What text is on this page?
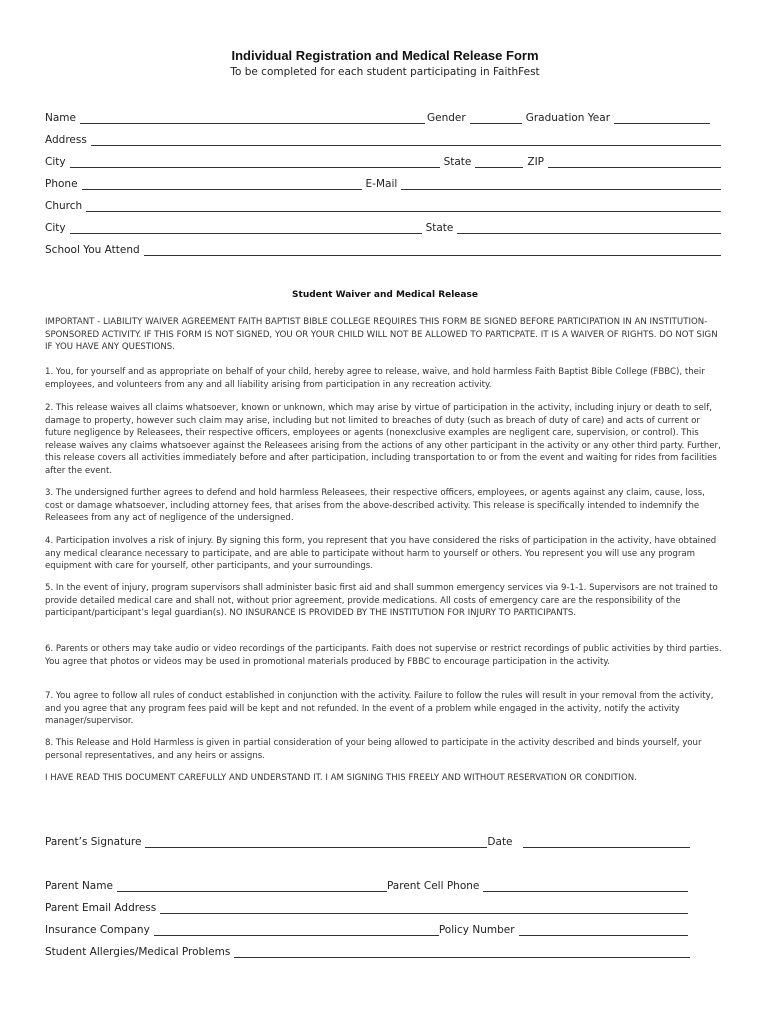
Individual Registration and Medical Release Form
To be completed for each student participating in FaithFest
Name	Gender	Graduation Year
Address
City	State	ZIP
Phone	E-Mail
Church
City	State
School You Attend
Student Waiver and Medical Release

IMPORTANT - LIABILITY WAIVER AGREEMENT FAITH BAPTIST BIBLE COLLEGE REQUIRES THIS FORM BE SIGNED BEFORE PARTICIPATION IN AN INSTITUTION-SPONSORED ACTIVITY. IF THIS FORM IS NOT SIGNED, YOU OR YOUR CHILD WILL NOT BE ALLOWED TO PARTICPATE. IT IS A WAIVER OF RIGHTS. DO NOT SIGN IF YOU HAVE ANY QUESTIONS.

1. You, for yourself and as appropriate on behalf of your child, hereby agree to release, waive, and hold harmless Faith Baptist Bible College (FBBC), their employees, and volunteers from any and all liability arising from participation in any recreation activity.

2. This release waives all claims whatsoever, known or unknown, which may arise by virtue of participation in the activity, including injury or death to self, damage to property, however such claim may arise, including but not limited to breaches of duty (such as breach of duty of care) and acts of current or future negligence by Releasees, their respective officers, employees or agents (nonexclusive examples are negligent care, supervision, or control). This release waives any claims whatsoever against the Releasees arising from the actions of any other participant in the activity or any other third party. Further, this release covers all activities immediately before and after participation, including transportation to or from the event and waiting for rides from facilities after the event.

3. The undersigned further agrees to defend and hold harmless Releasees, their respective officers, employees, or agents against any claim, cause, loss, cost or damage whatsoever, including attorney fees, that arises from the above-described activity. This release is specifically intended to indemnify the Releasees from any act of negligence of the undersigned.

4. Participation involves a risk of injury. By signing this form, you represent that you have considered the risks of participation in the activity, have obtained any medical clearance necessary to participate, and are able to participate without harm to yourself or others. You represent you will use any program equipment with care for yourself, other participants, and your surroundings.

5. In the event of injury, program supervisors shall administer basic first aid and shall summon emergency services via 9-1-1. Supervisors are not trained to provide detailed medical care and shall not, without prior agreement, provide medications. All costs of emergency care are the responsibility of the participant/participant’s legal guardian(s). NO INSURANCE IS PROVIDED BY THE INSTITUTION FOR INJURY TO PARTICIPANTS.

6. Parents or others may take audio or video recordings of the participants. Faith does not supervise or restrict recordings of public activities by third parties. You agree that photos or videos may be used in promotional materials produced by FBBC to encourage participation in the activity.

7. You agree to follow all rules of conduct established in conjunction with the activity. Failure to follow the rules will result in your removal from the activity, and you agree that any program fees paid will be kept and not refunded. In the event of a problem while engaged in the activity, notify the activity manager/supervisor.

8. This Release and Hold Harmless is given in partial consideration of your being allowed to participate in the activity described and binds yourself, your personal representatives, and any heirs or assigns.

I HAVE READ THIS DOCUMENT CAREFULLY AND UNDERSTAND IT. I AM SIGNING THIS FREELY AND WITHOUT RESERVATION OR CONDITION.

Parent’s Signature	Date
Parent Name	Parent Cell Phone
Parent Email Address
Insurance Company	Policy Number
Student Allergies/Medical Problems
